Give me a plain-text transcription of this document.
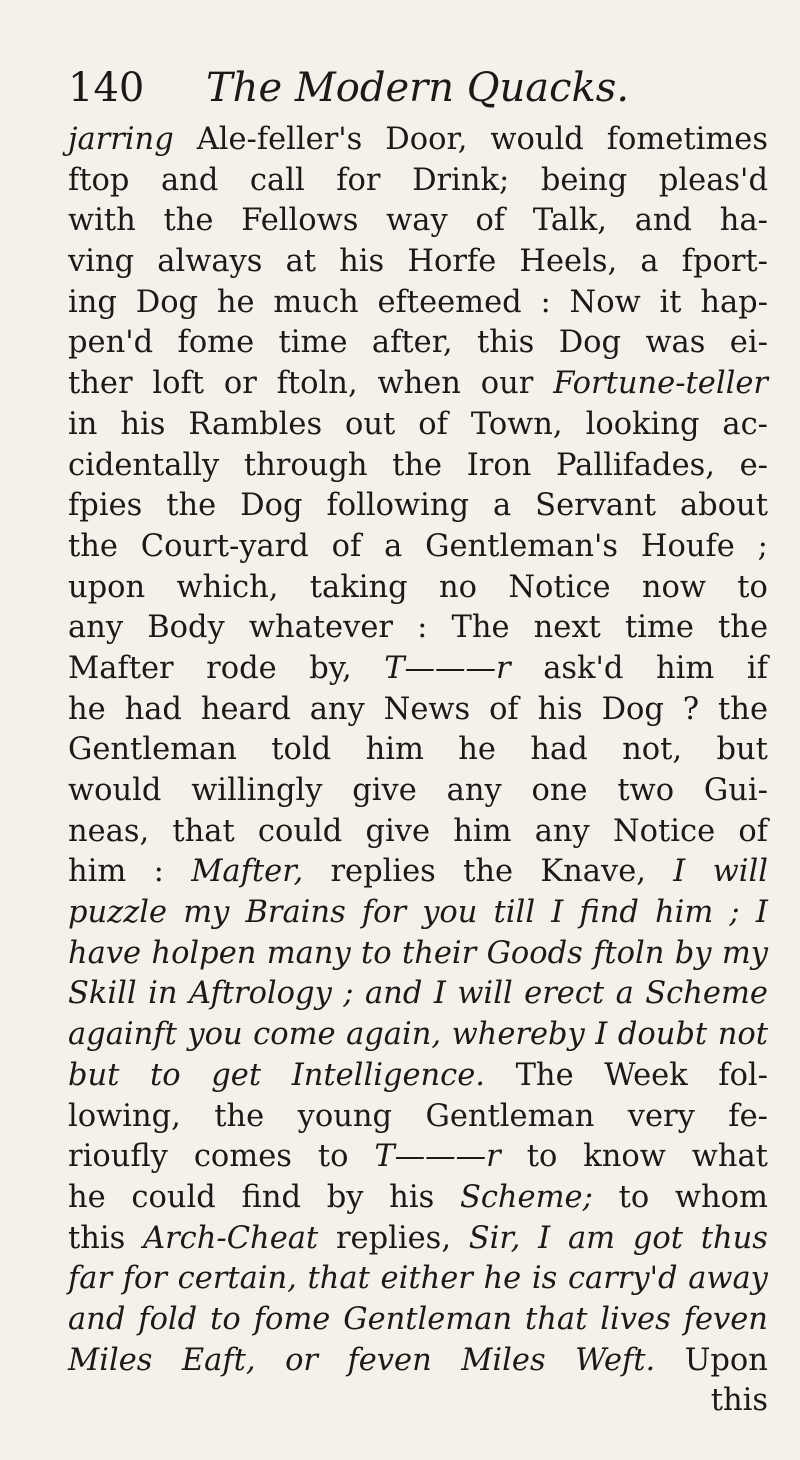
140 The Modern Quacks.
jarring Ale-feller's Door, would fometimes
ftop and call for Drink; being pleas'd
with the Fellows way of Talk, and ha-
ving always at his Horfe Heels, a fport-
ing Dog he much efteemed : Now it hap-
pen'd fome time after, this Dog was ei-
ther loft or ftoln, when our Fortune-teller
in his Rambles out of Town, looking ac-
cidentally through the Iron Pallifades, e-
fpies the Dog following a Servant about
the Court-yard of a Gentleman's Houfe ;
upon which, taking no Notice now to
any Body whatever : The next time the
Mafter rode by, T———r ask'd him if
he had heard any News of his Dog ? the
Gentleman told him he had not, but
would willingly give any one two Gui-
neas, that could give him any Notice of
him : Mafter, replies the Knave, I will
puzzle my Brains for you till I find him ; I
have holpen many to their Goods ftoln by my
Skill in Aftrology ; and I will erect a Scheme
againft you come again, whereby I doubt not
but to get Intelligence. The Week fol-
lowing, the young Gentleman very fe-
rioufly comes to T———r to know what
he could find by his Scheme; to whom
this Arch-Cheat replies, Sir, I am got thus
far for certain, that either he is carry'd away
and fold to fome Gentleman that lives feven
Miles Eaft, or feven Miles Weft. Upon
this
